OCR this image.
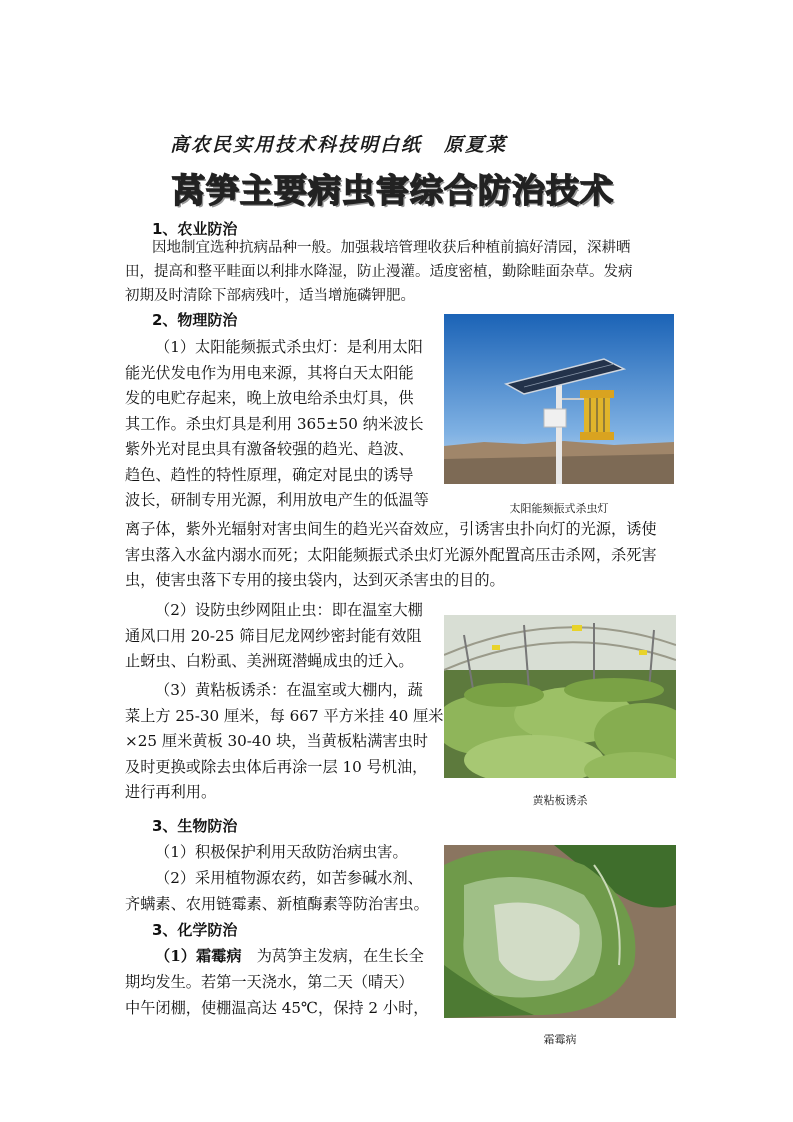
高农民实用技术科技明白纸 原夏菜
莴笋主要病虫害综合防治技术
1、农业防治
因地制宜选种抗病品种一般。加强栽培管理收获后种植前搞好清园，深耕晒
田，提高和整平畦面以利排水降湿，防止漫灌。适度密植，勤除畦面杂草。发病
初期及时清除下部病残叶，适当增施磷钾肥。
2、物理防治
（1）太阳能频振式杀虫灯：是利用太阳
能光伏发电作为用电来源，其将白天太阳能
发的电贮存起来，晚上放电给杀虫灯具，供
其工作。杀虫灯具是利用 365±50 纳米波长
紫外光对昆虫具有激备较强的趋光、趋波、
趋色、趋性的特性原理，确定对昆虫的诱导
波长，研制专用光源，利用放电产生的低温等
离子体，紫外光辐射对害虫间生的趋光兴奋效应，引诱害虫扑向灯的光源，诱使
害虫落入水盆内溺水而死；太阳能频振式杀虫灯光源外配置高压击杀网，杀死害
虫，使害虫落下专用的接虫袋内，达到灭杀害虫的目的。
太阳能频振式杀虫灯
（2）设防虫纱网阻止虫：即在温室大棚
通风口用 20-25 筛目尼龙网纱密封能有效阻
止蚜虫、白粉虱、美洲斑潜蝇成虫的迁入。
（3）黄粘板诱杀：在温室或大棚内，蔬
菜上方 25-30 厘米，每 667 平方米挂 40 厘米
×25 厘米黄板 30-40 块，当黄板粘满害虫时
及时更换或除去虫体后再涂一层 10 号机油，
进行再利用。	黄粘板诱杀
3、生物防治
（1）积极保护利用天敌防治病虫害。
（2）采用植物源农药，如苦参碱水剂、
齐螨素、农用链霉素、新植酶素等防治害虫。
3、化学防治
（1）霜霉病　为莴笋主发病，在生长全
期均发生。若第一天浇水，第二天（晴天）
中午闭棚，使棚温高达 45℃，保持 2 小时，
霜霉病
